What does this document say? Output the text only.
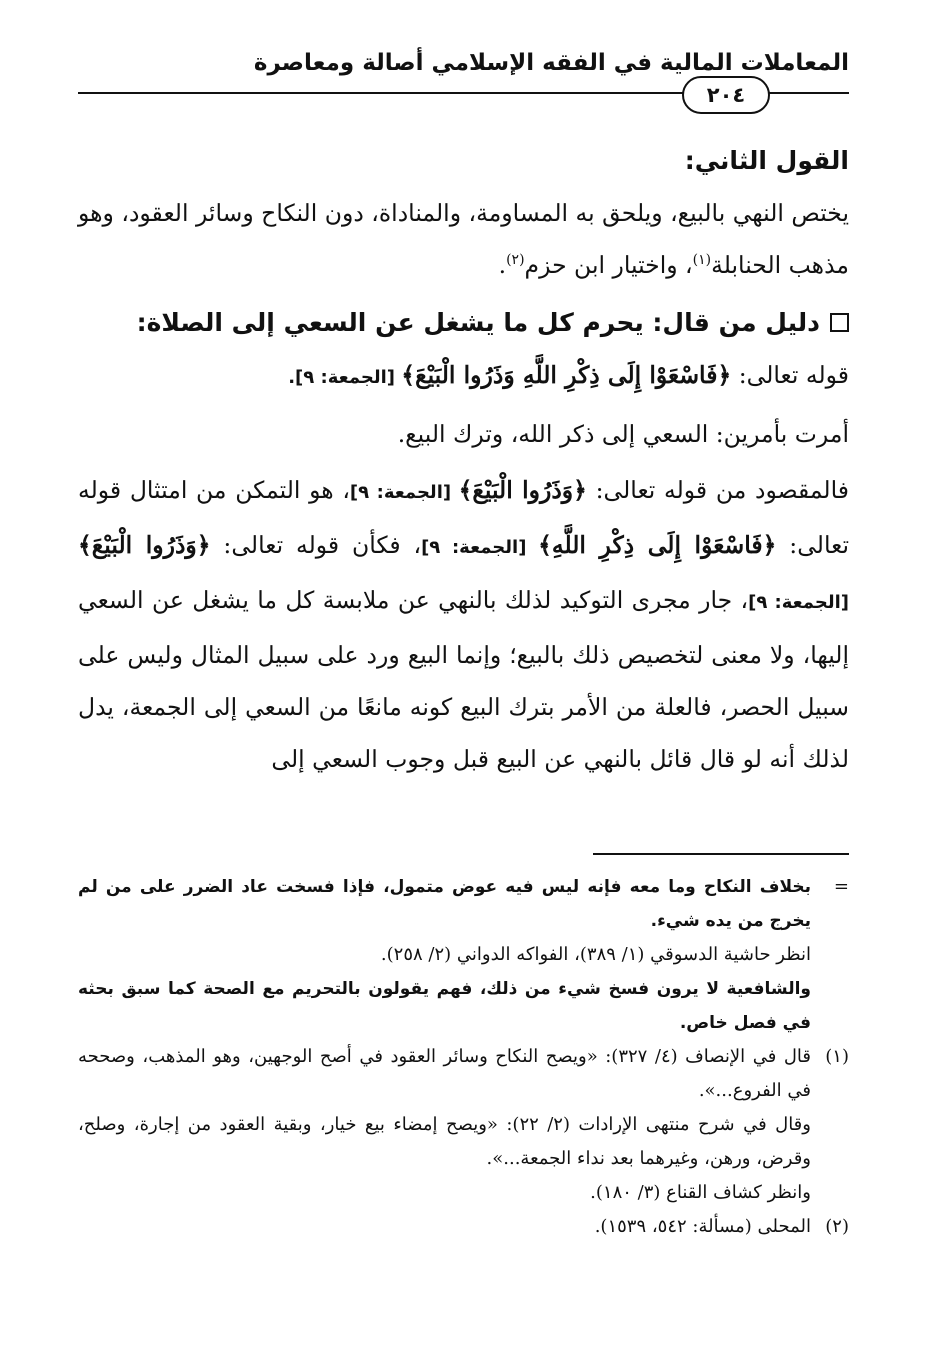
المعاملات المالية في الفقه الإسلامي أصالة ومعاصرة
٢٠٤

القول الثاني:

يختص النهي بالبيع، ويلحق به المساومة، والمناداة، دون النكاح وسائر العقود، وهو مذهب الحنابلة$^{(١)}$، واختيار ابن حزم$^{(٢)}$.

دليل من قال: يحرم كل ما يشغل عن السعي إلى الصلاة:

قوله تعالى: ﴿فَاسْعَوْا إِلَى ذِكْرِ اللَّهِ وَذَرُوا الْبَيْعَ﴾ [الجمعة: ٩].

أمرت بأمرين: السعي إلى ذكر الله، وترك البيع.

فالمقصود من قوله تعالى: ﴿وَذَرُوا الْبَيْعَ﴾ [الجمعة: ٩]، هو التمكن من امتثال قوله تعالى: ﴿فَاسْعَوْا إِلَى ذِكْرِ اللَّهِ﴾ [الجمعة: ٩]، فكأن قوله تعالى: ﴿وَذَرُوا الْبَيْعَ﴾ [الجمعة: ٩]، جار مجرى التوكيد لذلك بالنهي عن ملابسة كل ما يشغل عن السعي إليها، ولا معنى لتخصيص ذلك بالبيع؛ وإنما البيع ورد على سبيل المثال وليس على سبيل الحصر، فالعلة من الأمر بترك البيع كونه مانعًا من السعي إلى الجمعة، يدل لذلك أنه لو قال قائل بالنهي عن البيع قبل وجوب السعي إلى

=

بخلاف النكاح وما معه فإنه ليس فيه عوض متمول، فإذا فسخت عاد الضرر على من لم يخرج من يده شيء.

انظر حاشية الدسوقي (١/ ٣٨٩)، الفواكه الدواني (٢/ ٢٥٨).

والشافعية لا يرون فسخ شيء من ذلك، فهم يقولون بالتحريم مع الصحة كما سبق بحثه في فصل خاص.

(١)

قال في الإنصاف (٤/ ٣٢٧): «ويصح النكاح وسائر العقود في أصح الوجهين، وهو المذهب، وصححه في الفروع...».

وقال في شرح منتهى الإرادات (٢/ ٢٢): «ويصح إمضاء بيع خيار، وبقية العقود من إجارة، وصلح، وقرض، ورهن، وغيرهما بعد نداء الجمعة...».

وانظر كشاف القناع (٣/ ١٨٠).

(٢)

المحلى (مسألة: ٥٤٢، ١٥٣٩).
